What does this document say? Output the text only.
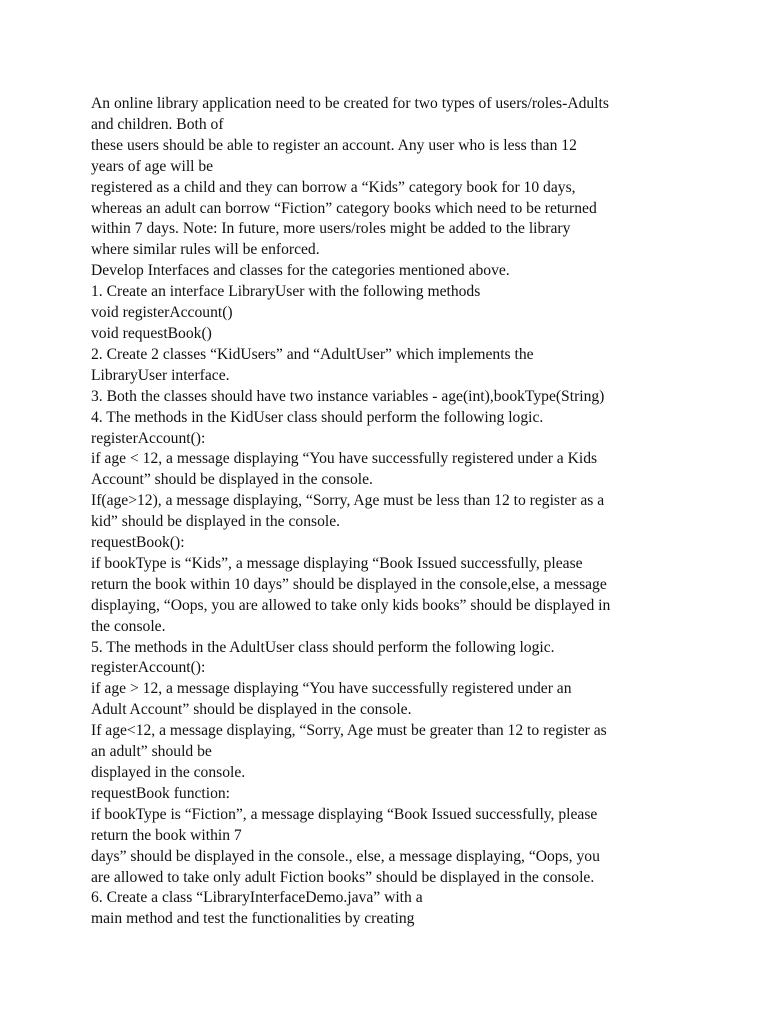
An online library application need to be created for two types of users/roles-Adults
and children. Both of
these users should be able to register an account. Any user who is less than 12
years of age will be
registered as a child and they can borrow a “Kids” category book for 10 days,
whereas an adult can borrow “Fiction” category books which need to be returned
within 7 days. Note: In future, more users/roles might be added to the library
where similar rules will be enforced.
Develop Interfaces and classes for the categories mentioned above.
1. Create an interface LibraryUser with the following methods
void registerAccount()
void requestBook()
2. Create 2 classes “KidUsers” and “AdultUser” which implements the
LibraryUser interface.
3. Both the classes should have two instance variables - age(int),bookType(String)
4. The methods in the KidUser class should perform the following logic.
registerAccount():
if age < 12, a message displaying “You have successfully registered under a Kids
Account” should be displayed in the console.
If(age>12), a message displaying, “Sorry, Age must be less than 12 to register as a
kid” should be displayed in the console.
requestBook():
if bookType is “Kids”, a message displaying “Book Issued successfully, please
return the book within 10 days” should be displayed in the console,else, a message
displaying, “Oops, you are allowed to take only kids books” should be displayed in
the console.
5. The methods in the AdultUser class should perform the following logic.
registerAccount():
if age > 12, a message displaying “You have successfully registered under an
Adult Account” should be displayed in the console.
If age<12, a message displaying, “Sorry, Age must be greater than 12 to register as
an adult” should be
displayed in the console.
requestBook function:
if bookType is “Fiction”, a message displaying “Book Issued successfully, please
return the book within 7
days” should be displayed in the console., else, a message displaying, “Oops, you
are allowed to take only adult Fiction books” should be displayed in the console.
6. Create a class “LibraryInterfaceDemo.java” with a
main method and test the functionalities by creating
